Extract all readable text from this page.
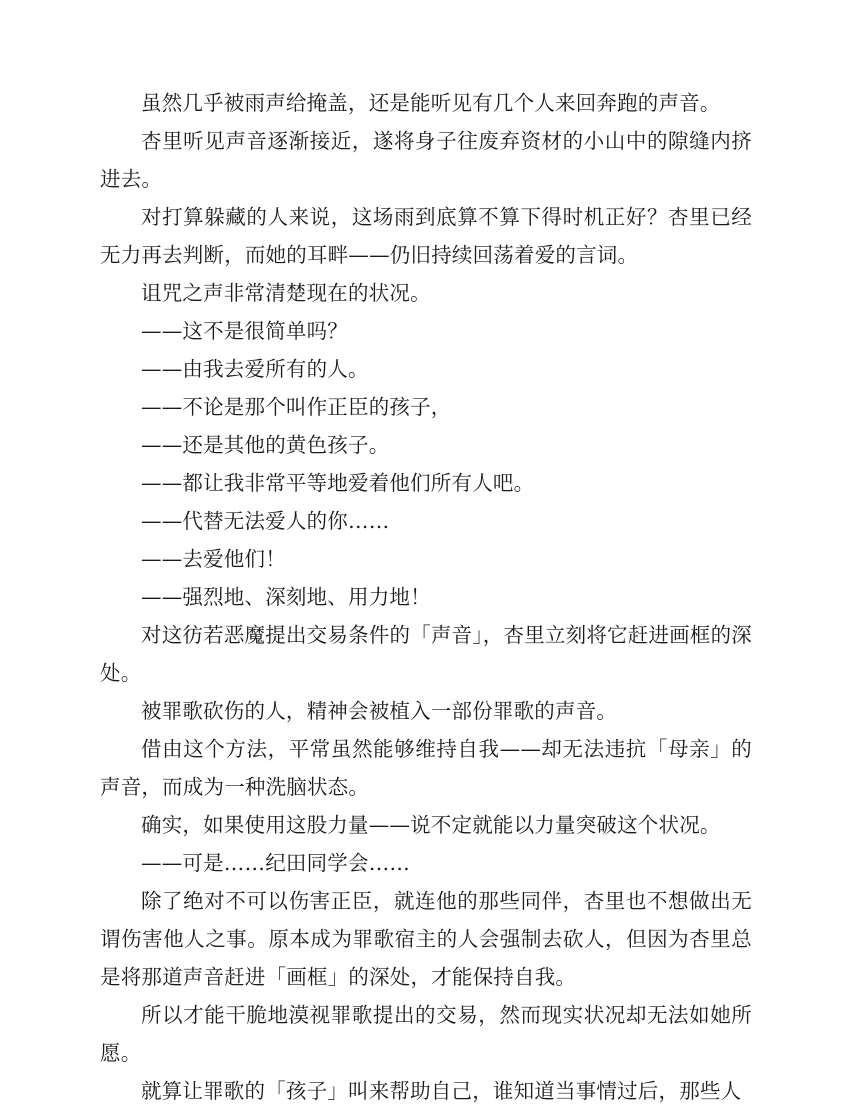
虽然几乎被雨声给掩盖，还是能听见有几个人来回奔跑的声音。

杏里听见声音逐渐接近，遂将身子往废弃资材的小山中的隙缝内挤进去。

对打算躲藏的人来说，这场雨到底算不算下得时机正好？杏里已经无力再去判断，而她的耳畔——仍旧持续回荡着爱的言词。

诅咒之声非常清楚现在的状况。

——这不是很简单吗？

——由我去爱所有的人。

——不论是那个叫作正臣的孩子，

——还是其他的黄色孩子。

——都让我非常平等地爱着他们所有人吧。

——代替无法爱人的你……

——去爱他们！

——强烈地、深刻地、用力地！

对这彷若恶魔提出交易条件的「声音」，杏里立刻将它赶进画框的深处。

被罪歌砍伤的人，精神会被植入一部份罪歌的声音。

借由这个方法，平常虽然能够维持自我——却无法违抗「母亲」的声音，而成为一种洗脑状态。

确实，如果使用这股力量——说不定就能以力量突破这个状况。

——可是……纪田同学会……

除了绝对不可以伤害正臣，就连他的那些同伴，杏里也不想做出无谓伤害他人之事。原本成为罪歌宿主的人会强制去砍人，但因为杏里总是将那道声音赶进「画框」的深处，才能保持自我。

所以才能干脆地漠视罪歌提出的交易，然而现实状况却无法如她所愿。

就算让罪歌的「孩子」叫来帮助自己，谁知道当事情过后，那些人
